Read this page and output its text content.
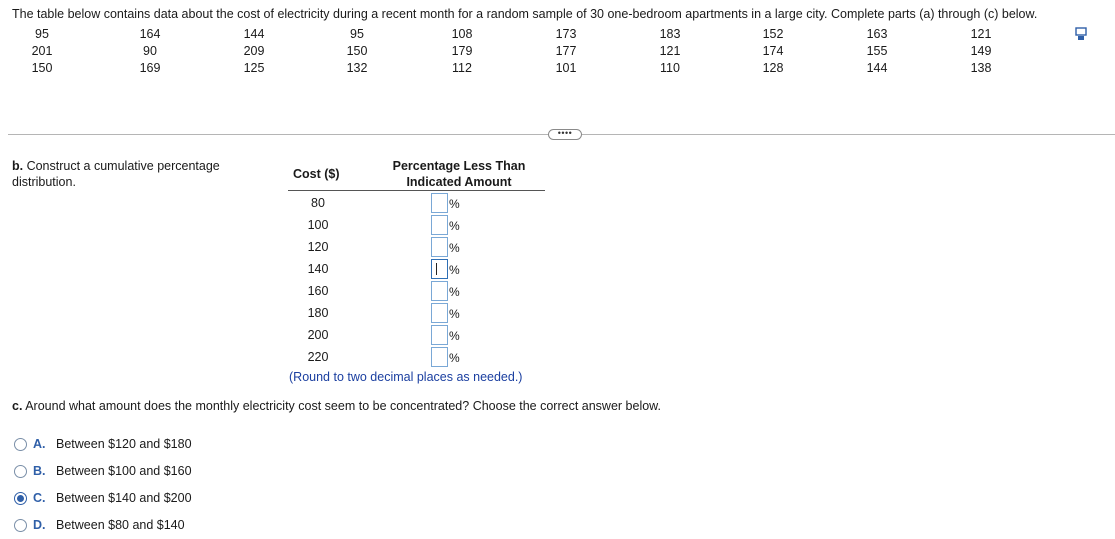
The table below contains data about the cost of electricity during a recent month for a random sample of 30 one-bedroom apartments in a large city. Complete parts (a) through (c) below.
95	164	144	95	108	173	183	152	163	121
201	90	209	150	179	177	121	174	155	149
150	169	125	132	112	101	110	128	144	138
••••
b. Construct a cumulative percentage distribution.
Cost ($)
Percentage Less Than
Indicated Amount
80	%
100	%
120	%
140	%
160	%
180	%
200	%
220	%
(Round to two decimal places as needed.)
c. Around what amount does the monthly electricity cost seem to be concentrated? Choose the correct answer below.
A. Between $120 and $180
B. Between $100 and $160
C. Between $140 and $200
D. Between $80 and $140
